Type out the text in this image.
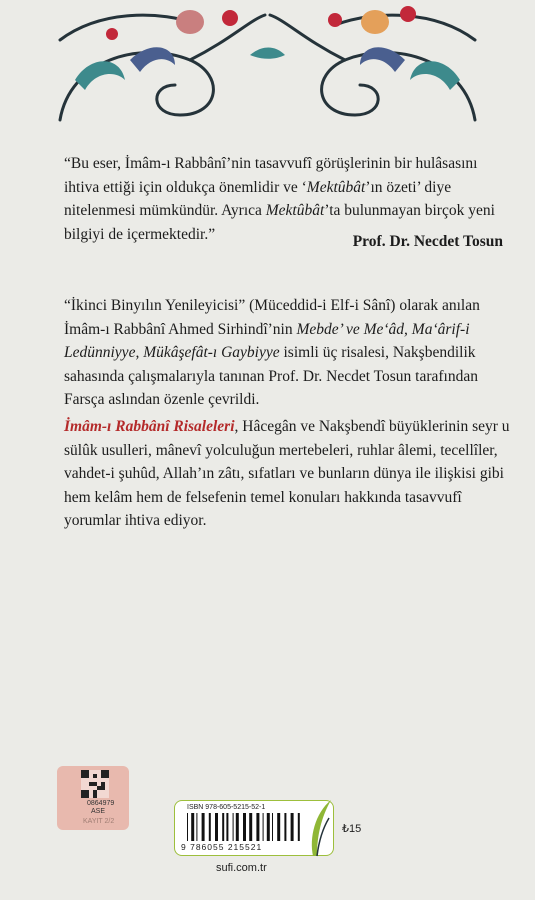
“Bu eser, İmâm-ı Rabbânî’nin tasavvufî görüşlerinin bir hulâsasını ihtiva ettiği için oldukça önemlidir ve ‘Mektûbât’ın özeti’ diye nitelenmesi mümkündür. Ayrıca Mektûbât’ta bulunmayan birçok yeni bilgiyi de içermektedir.”	Prof. Dr. Necdet Tosun

“İkinci Binyılın Yenileyicisi” (Müceddid-i Elf-i Sânî) olarak anılan İmâm-ı Rabbânî Ahmed Sirhindî’nin Mebde’ ve Me‘âd, Ma‘ârif-i Ledünniyye, Mükâşefât-ı Gaybiyye isimli üç risalesi, Nakşbendilik sahasında çalışmalarıyla tanınan Prof. Dr. Necdet Tosun tarafından Farsça aslından özenle çevrildi.

İmâm-ı Rabbânî Risaleleri, Hâcegân ve Nakşbendî büyüklerinin seyr u sülûk usulleri, mânevî yolculuğun mertebeleri, ruhlar âlemi, tecellîler, vahdet-i şuhûd, Allah’ın zâtı, sıfatları ve bunların dünya ile ilişkisi gibi hem kelâm hem de felsefenin temel konuları hakkında tasavvufî yorumlar ihtiva ediyor.

0864979
ASE
KAYIT 2/2
ISBN 978-605-5215-52-1
9 786055 215521
₺15
sufi.com.tr
